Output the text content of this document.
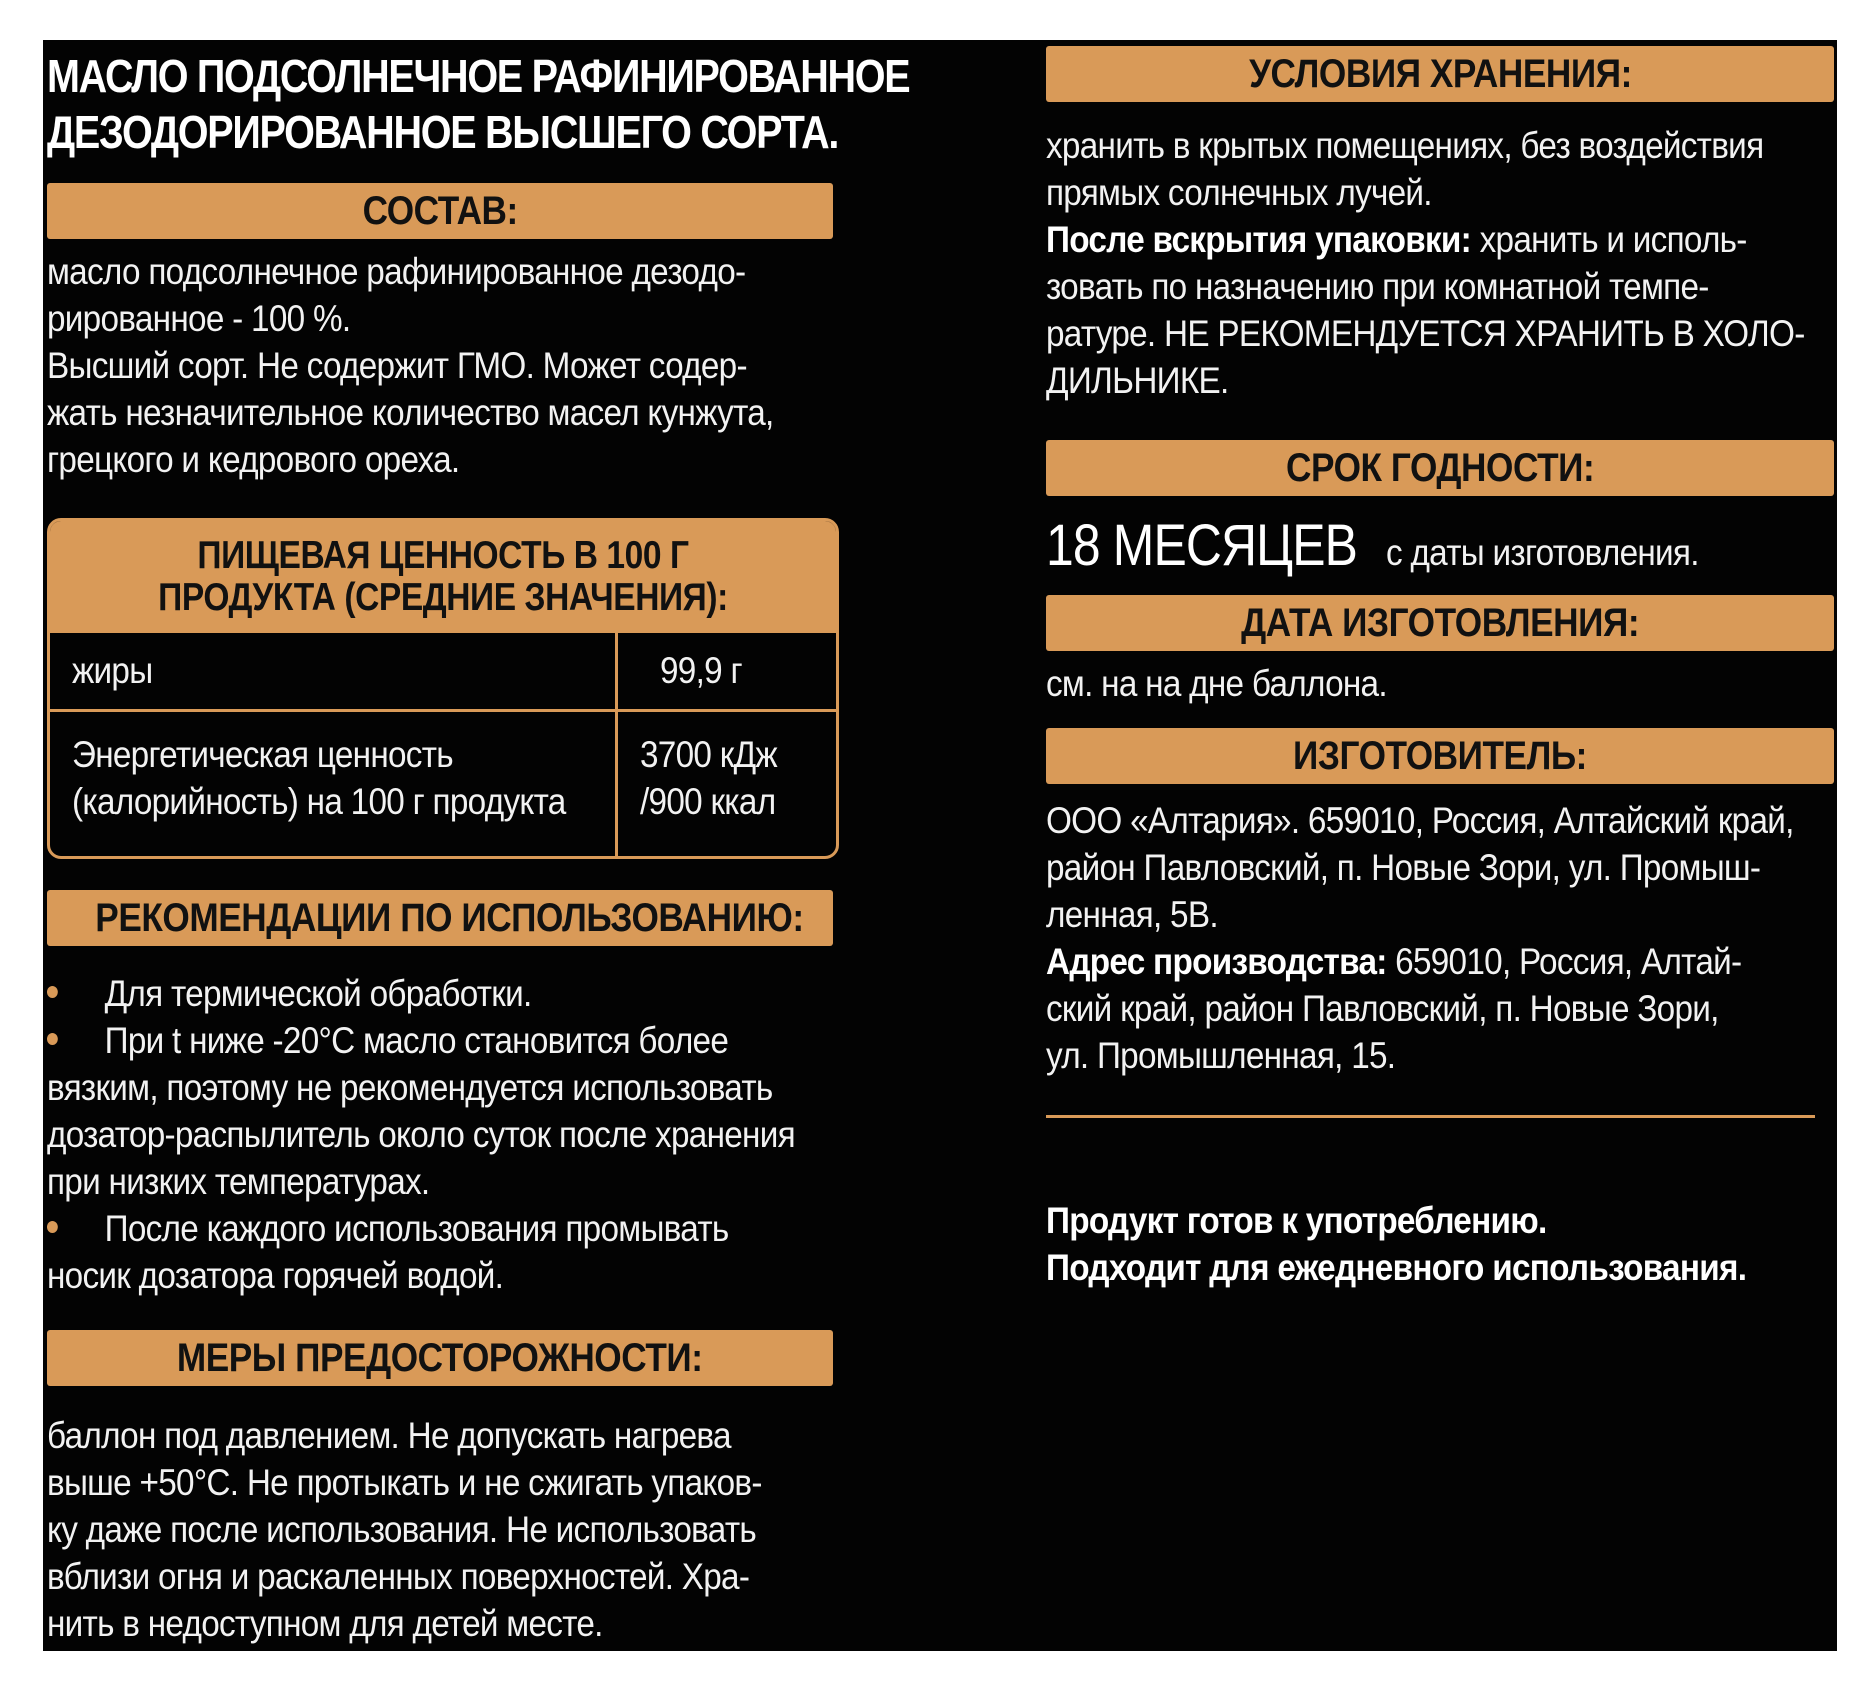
МАСЛО ПОДСОЛНЕЧНОЕ РАФИНИРОВАННОЕ
ДЕЗОДОРИРОВАННОЕ ВЫСШЕГО СОРТА.
СОСТАВ:
масло подсолнечное рафинированное дезодо-
рированное - 100 %.
Высший сорт. Не содержит ГМО. Может содер-
жать незначительное количество масел кунжута,
грецкого и кедрового ореха.
ПИЩЕВАЯ ЦЕННОСТЬ В 100 Г
ПРОДУКТА (СРЕДНИЕ ЗНАЧЕНИЯ):
жиры	99,9 г
Энергетическая ценность
(калорийность) на 100 г продукта
3700 кДж
/900 ккал
РЕКОМЕНДАЦИИ ПО ИСПОЛЬЗОВАНИЮ:
Для термической обработки.
При t ниже -20°С масло становится более
вязким, поэтому не рекомендуется использовать
дозатор-распылитель около суток после хранения
при низких температурах.
После каждого использования промывать
носик дозатора горячей водой.
МЕРЫ ПРЕДОСТОРОЖНОСТИ:
баллон под давлением. Не допускать нагрева
выше +50°С. Не протыкать и не сжигать упаков-
ку даже после использования. Не использовать
вблизи огня и раскаленных поверхностей. Хра-
нить в недоступном для детей месте.
УСЛОВИЯ ХРАНЕНИЯ:
хранить в крытых помещениях, без воздействия
прямых солнечных лучей.
После вскрытия упаковки: хранить и исполь-
зовать по назначению при комнатной темпе-
ратуре. НЕ РЕКОМЕНДУЕТСЯ ХРАНИТЬ В ХОЛО-
ДИЛЬНИКЕ.
СРОК ГОДНОСТИ:
18 МЕСЯЦЕВс даты изготовления.
ДАТА ИЗГОТОВЛЕНИЯ:
см. на на дне баллона.
ИЗГОТОВИТЕЛЬ:
ООО «Алтария». 659010, Россия, Алтайский край,
район Павловский, п. Новые Зори, ул. Промыш-
ленная, 5В.
Адрес производства: 659010, Россия, Алтай-
ский край, район Павловский, п. Новые Зори,
ул. Промышленная, 15.
Продукт готов к употреблению.
Подходит для ежедневного использования.
